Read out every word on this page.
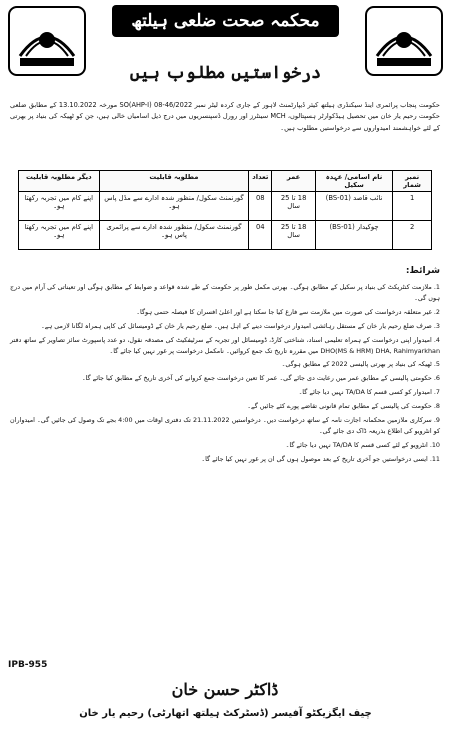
محکمہ صحت ضلعی ہیلتھ اتھارٹی رحیم یار خان
درخواستیں مطلوب ہیں
حکومت پنجاب پرائمری اینڈ سیکنڈری ہیلتھ کیئر ڈیپارٹمنٹ لاہور کے جاری کردہ لیٹر نمبر SO(AHP-I) 08-46/2022 مورخہ 13.10.2022 کے مطابق ضلعی حکومت رحیم یار خان میں تحصیل ہیڈکوارٹر ہسپتالوں، MCH سینٹرز اور رورل ڈسپنسریوں میں درج ذیل اسامیاں خالی ہیں، جن کو ٹھیکہ کی بنیاد پر بھرتی کے لئے خواہشمند امیدواروں سے درخواستیں مطلوب ہیں۔
نمبر شمار	نام اسامی/ عہدہ سکیل	عمر	تعداد	مطلوبہ قابلیت	دیگر مطلوبہ قابلیت
1	نائب قاصد (BS-01)	18 تا 25 سال	08	گورنمنٹ سکول/ منظور شدہ ادارے سے مڈل پاس ہو۔	اپنے کام میں تجربہ رکھتا ہو۔
2	چوکیدار (BS-01)	18 تا 25 سال	04	گورنمنٹ سکول/ منظور شدہ ادارے سے پرائمری پاس ہو۔	اپنے کام میں تجربہ رکھتا ہو۔
شرائط:
1. ملازمت کنٹریکٹ کی بنیاد پر سکیل کے مطابق ہوگی۔ بھرتی مکمل طور پر حکومت کے طے شدہ قواعد و ضوابط کے مطابق ہوگی اور تعیناتی کی آرام میں درج ہوں گی۔
2. غیر متعلقہ درخواست کی صورت میں ملازمت سے فارغ کیا جا سکتا ہے اور اعلیٰ افسران کا فیصلہ حتمی ہوگا۔
3. صرف ضلع رحیم یار خان کے مستقل رہائشی امیدوار درخواست دینے کے اہل ہیں۔ ضلع رحیم یار خان کے ڈومیسائل کی کاپی ہمراہ لگانا لازمی ہے۔
4. امیدوار اپنی درخواست کے ہمراہ تعلیمی اسناد، شناختی کارڈ، ڈومیسائل اور تجربہ کے سرٹیفکیٹ کی مصدقہ نقول، دو عدد پاسپورٹ سائز تصاویر کے ساتھ دفتر DHO(MS & HRM) DHA, Rahimyarkhan میں مقررہ تاریخ تک جمع کروائیں۔ نامکمل درخواست پر غور نہیں کیا جائے گا۔
5. ٹھیکہ کی بنیاد پر بھرتی پالیسی 2022 کے مطابق ہوگی۔
6. حکومتی پالیسی کے مطابق عمر میں رعایت دی جائے گی۔ عمر کا تعین درخواست جمع کروانے کی آخری تاریخ کے مطابق کیا جائے گا۔
7. امیدوار کو کسی قسم کا TA/DA نہیں دیا جائے گا۔
8. حکومت کی پالیسی کے مطابق تمام قانونی تقاضے پورے کئے جائیں گے۔
9. سرکاری ملازمین محکمانہ اجازت نامہ کے ساتھ درخواست دیں۔ درخواستیں 21.11.2022 تک دفتری اوقات میں 4:00 بجے تک وصول کی جائیں گی۔ امیدواران کو انٹرویو کی اطلاع بذریعہ ڈاک دی جائے گی۔
10. انٹرویو کے لئے کسی قسم کا TA/DA نہیں دیا جائے گا۔
11. ایسی درخواستیں جو آخری تاریخ کے بعد موصول ہوں گی ان پر غور نہیں کیا جائے گا۔
IPB-955
ڈاکٹر حسن خان
چیف ایگزیکٹو آفیسر (ڈسٹرکٹ ہیلتھ اتھارٹی) رحیم یار خان
